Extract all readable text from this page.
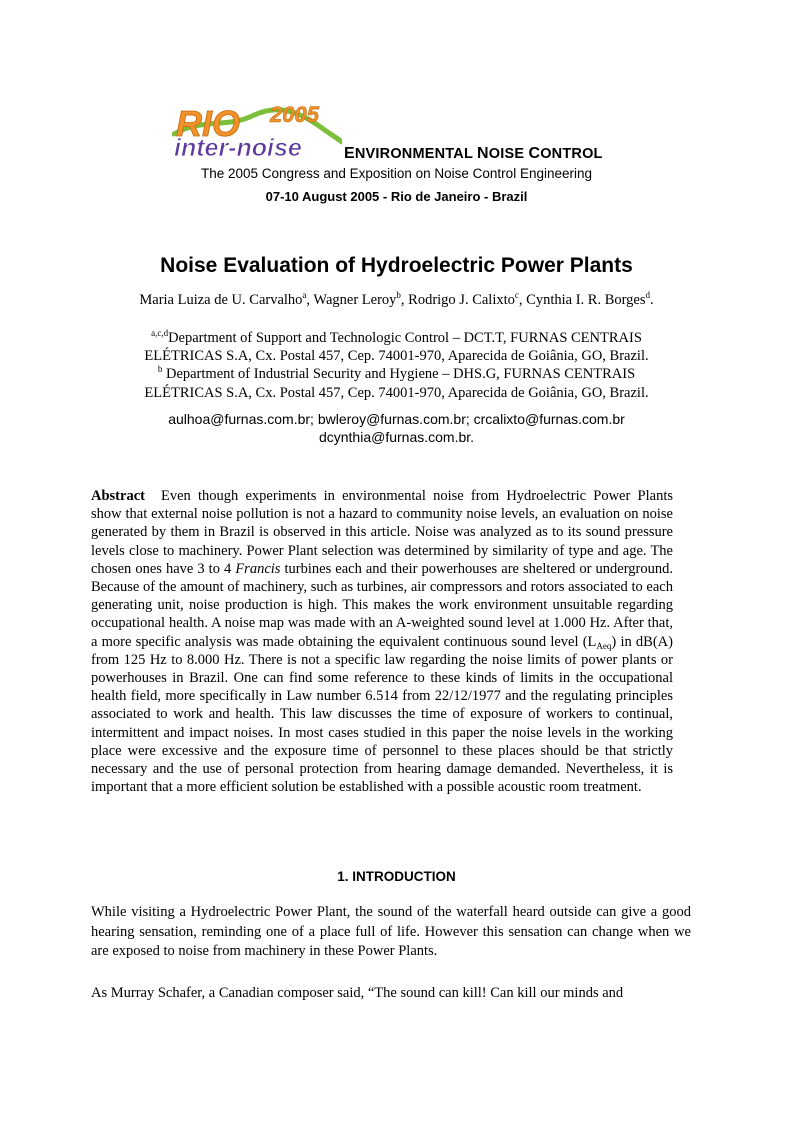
RIO 2005
inter-noise	ENVIRONMENTAL NOISE CONTROL
The 2005 Congress and Exposition on Noise Control Engineering
07-10 August 2005 - Rio de Janeiro - Brazil
Noise Evaluation of Hydroelectric Power Plants
Maria Luiza de U. Carvalho$^a$, Wagner Leroy$^b$, Rodrigo J. Calixto$^c$, Cynthia I. R. Borges$^d$.
$^{a,c,d}$Department of Support and Technologic Control – DCT.T, FURNAS CENTRAIS
ELÉTRICAS S.A, Cx. Postal 457, Cep. 74001-970, Aparecida de Goiânia, GO, Brazil.
$^b$ Department of Industrial Security and Hygiene – DHS.G, FURNAS CENTRAIS
ELÉTRICAS S.A, Cx. Postal 457, Cep. 74001-970, Aparecida de Goiânia, GO, Brazil.
aulhoa@furnas.com.br; bwleroy@furnas.com.br; crcalixto@furnas.com.br
dcynthia@furnas.com.br.
Abstract Even though experiments in environmental noise from Hydroelectric Power Plants show that external noise pollution is not a hazard to community noise levels, an evaluation on noise generated by them in Brazil is observed in this article. Noise was analyzed as to its sound pressure levels close to machinery. Power Plant selection was determined by similarity of type and age. The chosen ones have 3 to 4 Francis turbines each and their powerhouses are sheltered or underground. Because of the amount of machinery, such as turbines, air compressors and rotors associated to each generating unit, noise production is high. This makes the work environment unsuitable regarding occupational health. A noise map was made with an A-weighted sound level at 1.000 Hz. After that, a more specific analysis was made obtaining the equivalent continuous sound level $(L_{Aeq})$ in dB(A) from 125 Hz to 8.000 Hz. There is not a specific law regarding the noise limits of power plants or powerhouses in Brazil. One can find some reference to these kinds of limits in the occupational health field, more specifically in Law number 6.514 from 22/12/1977 and the regulating principles associated to work and health. This law discusses the time of exposure of workers to continual, intermittent and impact noises. In most cases studied in this paper the noise levels in the working place were excessive and the exposure time of personnel to these places should be that strictly necessary and the use of personal protection from hearing damage demanded. Nevertheless, it is important that a more efficient solution be established with a possible acoustic room treatment.
1. INTRODUCTION
While visiting a Hydroelectric Power Plant, the sound of the waterfall heard outside can give a good hearing sensation, reminding one of a place full of life. However this sensation can change when we are exposed to noise from machinery in these Power Plants.
As Murray Schafer, a Canadian composer said, “The sound can kill! Can kill our minds and
